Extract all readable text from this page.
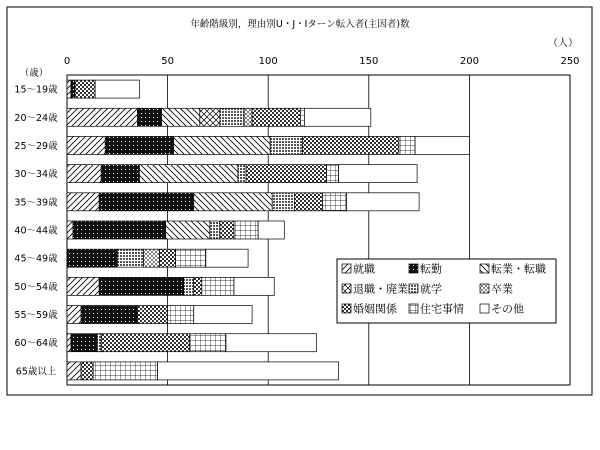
年齢階級別，理由別U・J・Iターン転入者(主因者)数
（人）
（歳）
0	50	100	150	200	250
15～19歳
20～24歳
25～29歳
30～34歳
35～39歳
40～44歳
45～49歳
50～54歳
55～59歳
60～64歳
65歳以上
就職	転勤	転業・転職
退職・廃業 就学	卒業
婚姻関係 住宅事情 その他
